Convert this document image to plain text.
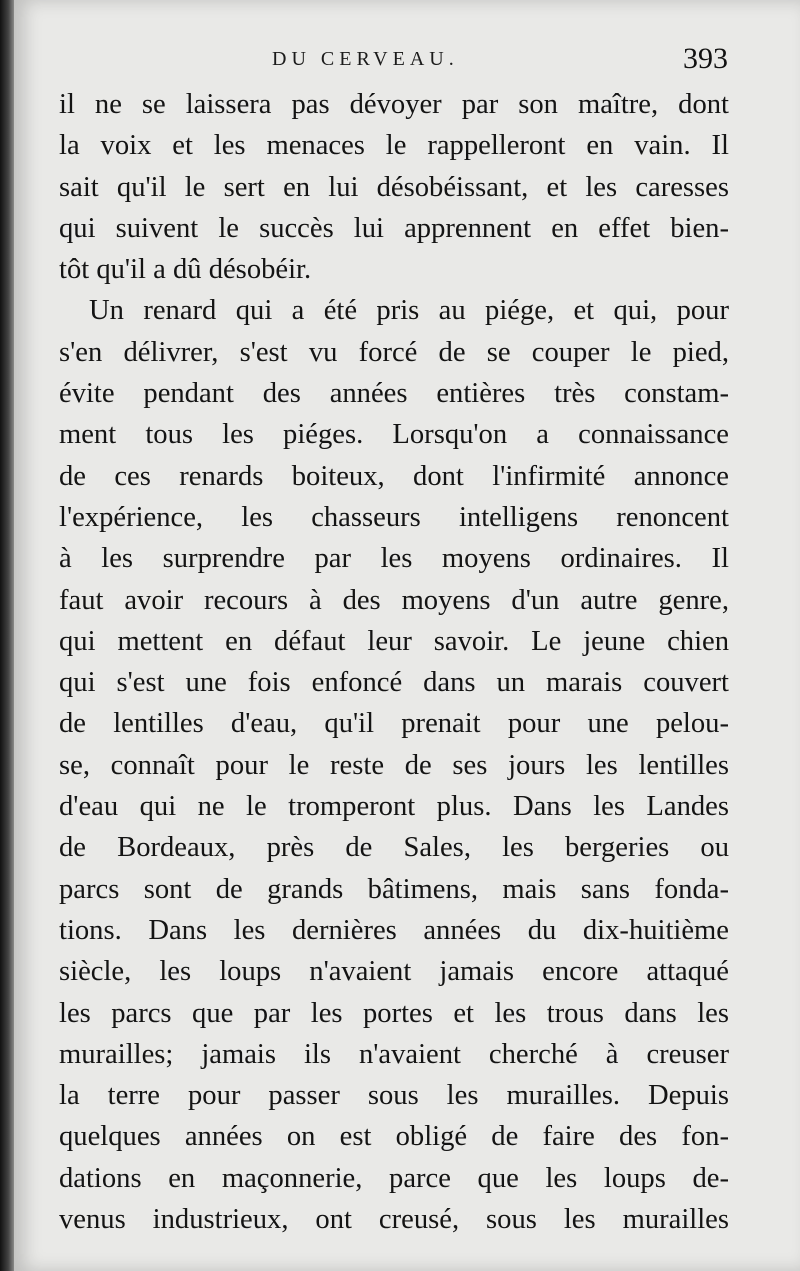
DU CERVEAU.	393
il ne se laissera pas dévoyer par son maître, dont
la voix et les menaces le rappelleront en vain. Il
sait qu'il le sert en lui désobéissant, et les caresses
qui suivent le succès lui apprennent en effet bien-
tôt qu'il a dû désobéir.
Un renard qui a été pris au piége, et qui, pour
s'en délivrer, s'est vu forcé de se couper le pied,
évite pendant des années entières très constam-
ment tous les piéges. Lorsqu'on a connaissance
de ces renards boiteux, dont l'infirmité annonce
l'expérience, les chasseurs intelligens renoncent
à les surprendre par les moyens ordinaires. Il
faut avoir recours à des moyens d'un autre genre,
qui mettent en défaut leur savoir. Le jeune chien
qui s'est une fois enfoncé dans un marais couvert
de lentilles d'eau, qu'il prenait pour une pelou-
se, connaît pour le reste de ses jours les lentilles
d'eau qui ne le tromperont plus. Dans les Landes
de Bordeaux, près de Sales, les bergeries ou
parcs sont de grands bâtimens, mais sans fonda-
tions. Dans les dernières années du dix-huitième
siècle, les loups n'avaient jamais encore attaqué
les parcs que par les portes et les trous dans les
murailles; jamais ils n'avaient cherché à creuser
la terre pour passer sous les murailles. Depuis
quelques années on est obligé de faire des fon-
dations en maçonnerie, parce que les loups de-
venus industrieux, ont creusé, sous les murailles
